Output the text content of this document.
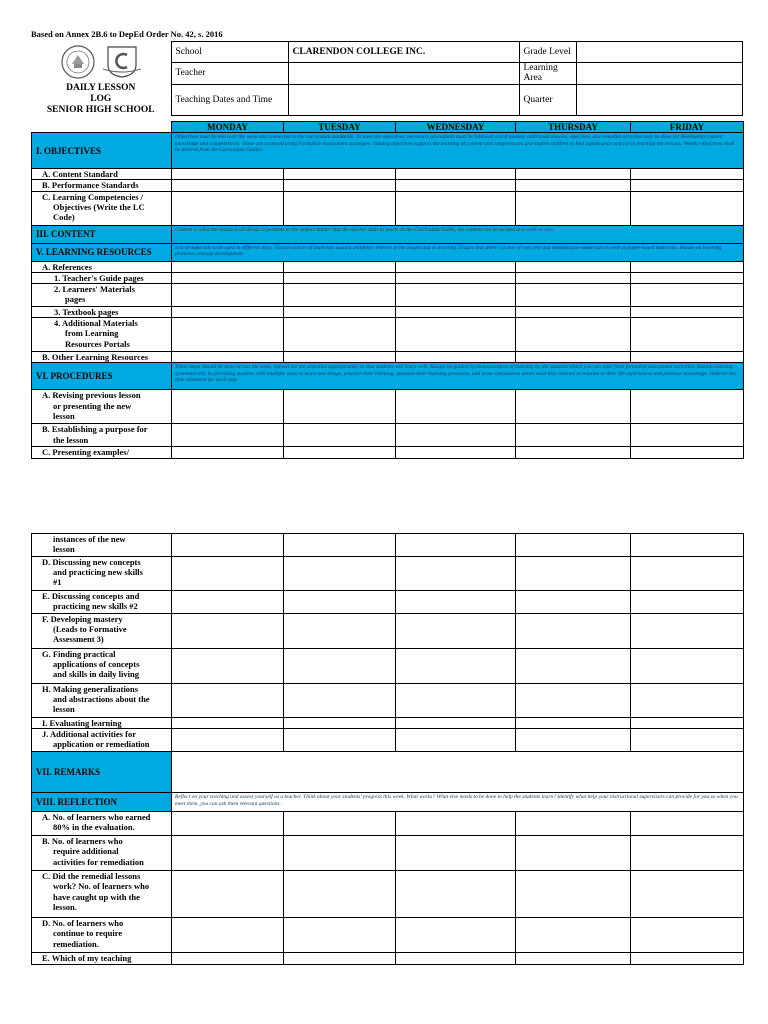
Based on Annex 2B.6 to DepEd Order No. 42, s. 2016
DAILY LESSON
LOG
SENIOR HIGH SCHOOL	School	CLARENDON COLLEGE INC.	Grade Level	
	Teacher		Learning Area	
	Teaching Dates and Time		Quarter	
	MONDAY	TUESDAY	WEDNESDAY	THURSDAY	FRIDAY
I. OBJECTIVES	Objectives must be met over the week and connected to the curriculum standards. To meet the objectives, necessary procedures must be followed and if needed, additional lessons, exercises, and remedial activities may be done for developing content knowledge and competencies. These are assessed using Formative Assessment strategies. Valuing objectives support the learning of content and competencies and enable children to find significance and joy in learning the lessons. Weekly objectives shall be derived from the Curriculum Guides.				
A. Content Standard					
B. Performance Standards					

C. Learning Competencies /
Objectives (Write the LC
Code)					

III. CONTENT	Content is what the lesson is all about. It pertains to the subject matter that the teacher aims to teach. In the Curriculum Guide, the content can be tackled in a week or two.				
V. LEARNING RESOURCES	List of materials to be used in different days. Varied sources of materials sustain children's interest in the lesson and in learning. Ensure that there is a mix of concrete and manipulative materials as well as paper-based materials. Hands-on learning promotes concept development.				
A. References					
1. Teacher's Guide pages					

2. Learners' Materials
pages					

3. Textbook pages					

4. Additional Materials
from Learning
Resources Portals					

B. Other Learning Resources					
VI. PROCEDURES	These steps should be done across the week. Spread out the activities appropriately so that students will learn well. Always be guided by demonstration of learning by the students which you can infer from formative assessment activities. Sustain learning systematically by providing students with multiple ways to learn new things, practice their learning, question their learning processes, and draw conclusions about what they learned in relation to their life experiences and previous knowledge. Indicate the time allotment for each step.				

A. Revising previous lesson
or presenting the new
lesson					

B. Establishing a purpose for
the lesson					

C. Presenting examples/					
instances of the new
lesson					

D. Discussing new concepts
and practicing new skills
#1					

E. Discussing concepts and
practicing new skills #2					

F. Developing mastery
(Leads to Formative
Assessment 3)					

G. Finding practical
applications of concepts
and skills in daily living					

H. Making generalizations
and abstractions about the
lesson					

I. Evaluating learning					

J. Additional activities for
application or remediation					

VII. REMARKS					
VIII. REFLECTION	Reflect on your teaching and assess yourself as a teacher. Think about your students' progress this week. What works? What else needs to be done to help the students learn? Identify what help your instructional supervisors can provide for you so when you meet them, you can ask them relevant questions.				

A. No. of learners who earned
80% in the evaluation.					

B. No. of learners who
require additional
activities for remediation					

C. Did the remedial lessons
work? No. of learners who
have caught up with the
lesson.					

D. No. of learners who
continue to require
remediation.					

E. Which of my teaching					
